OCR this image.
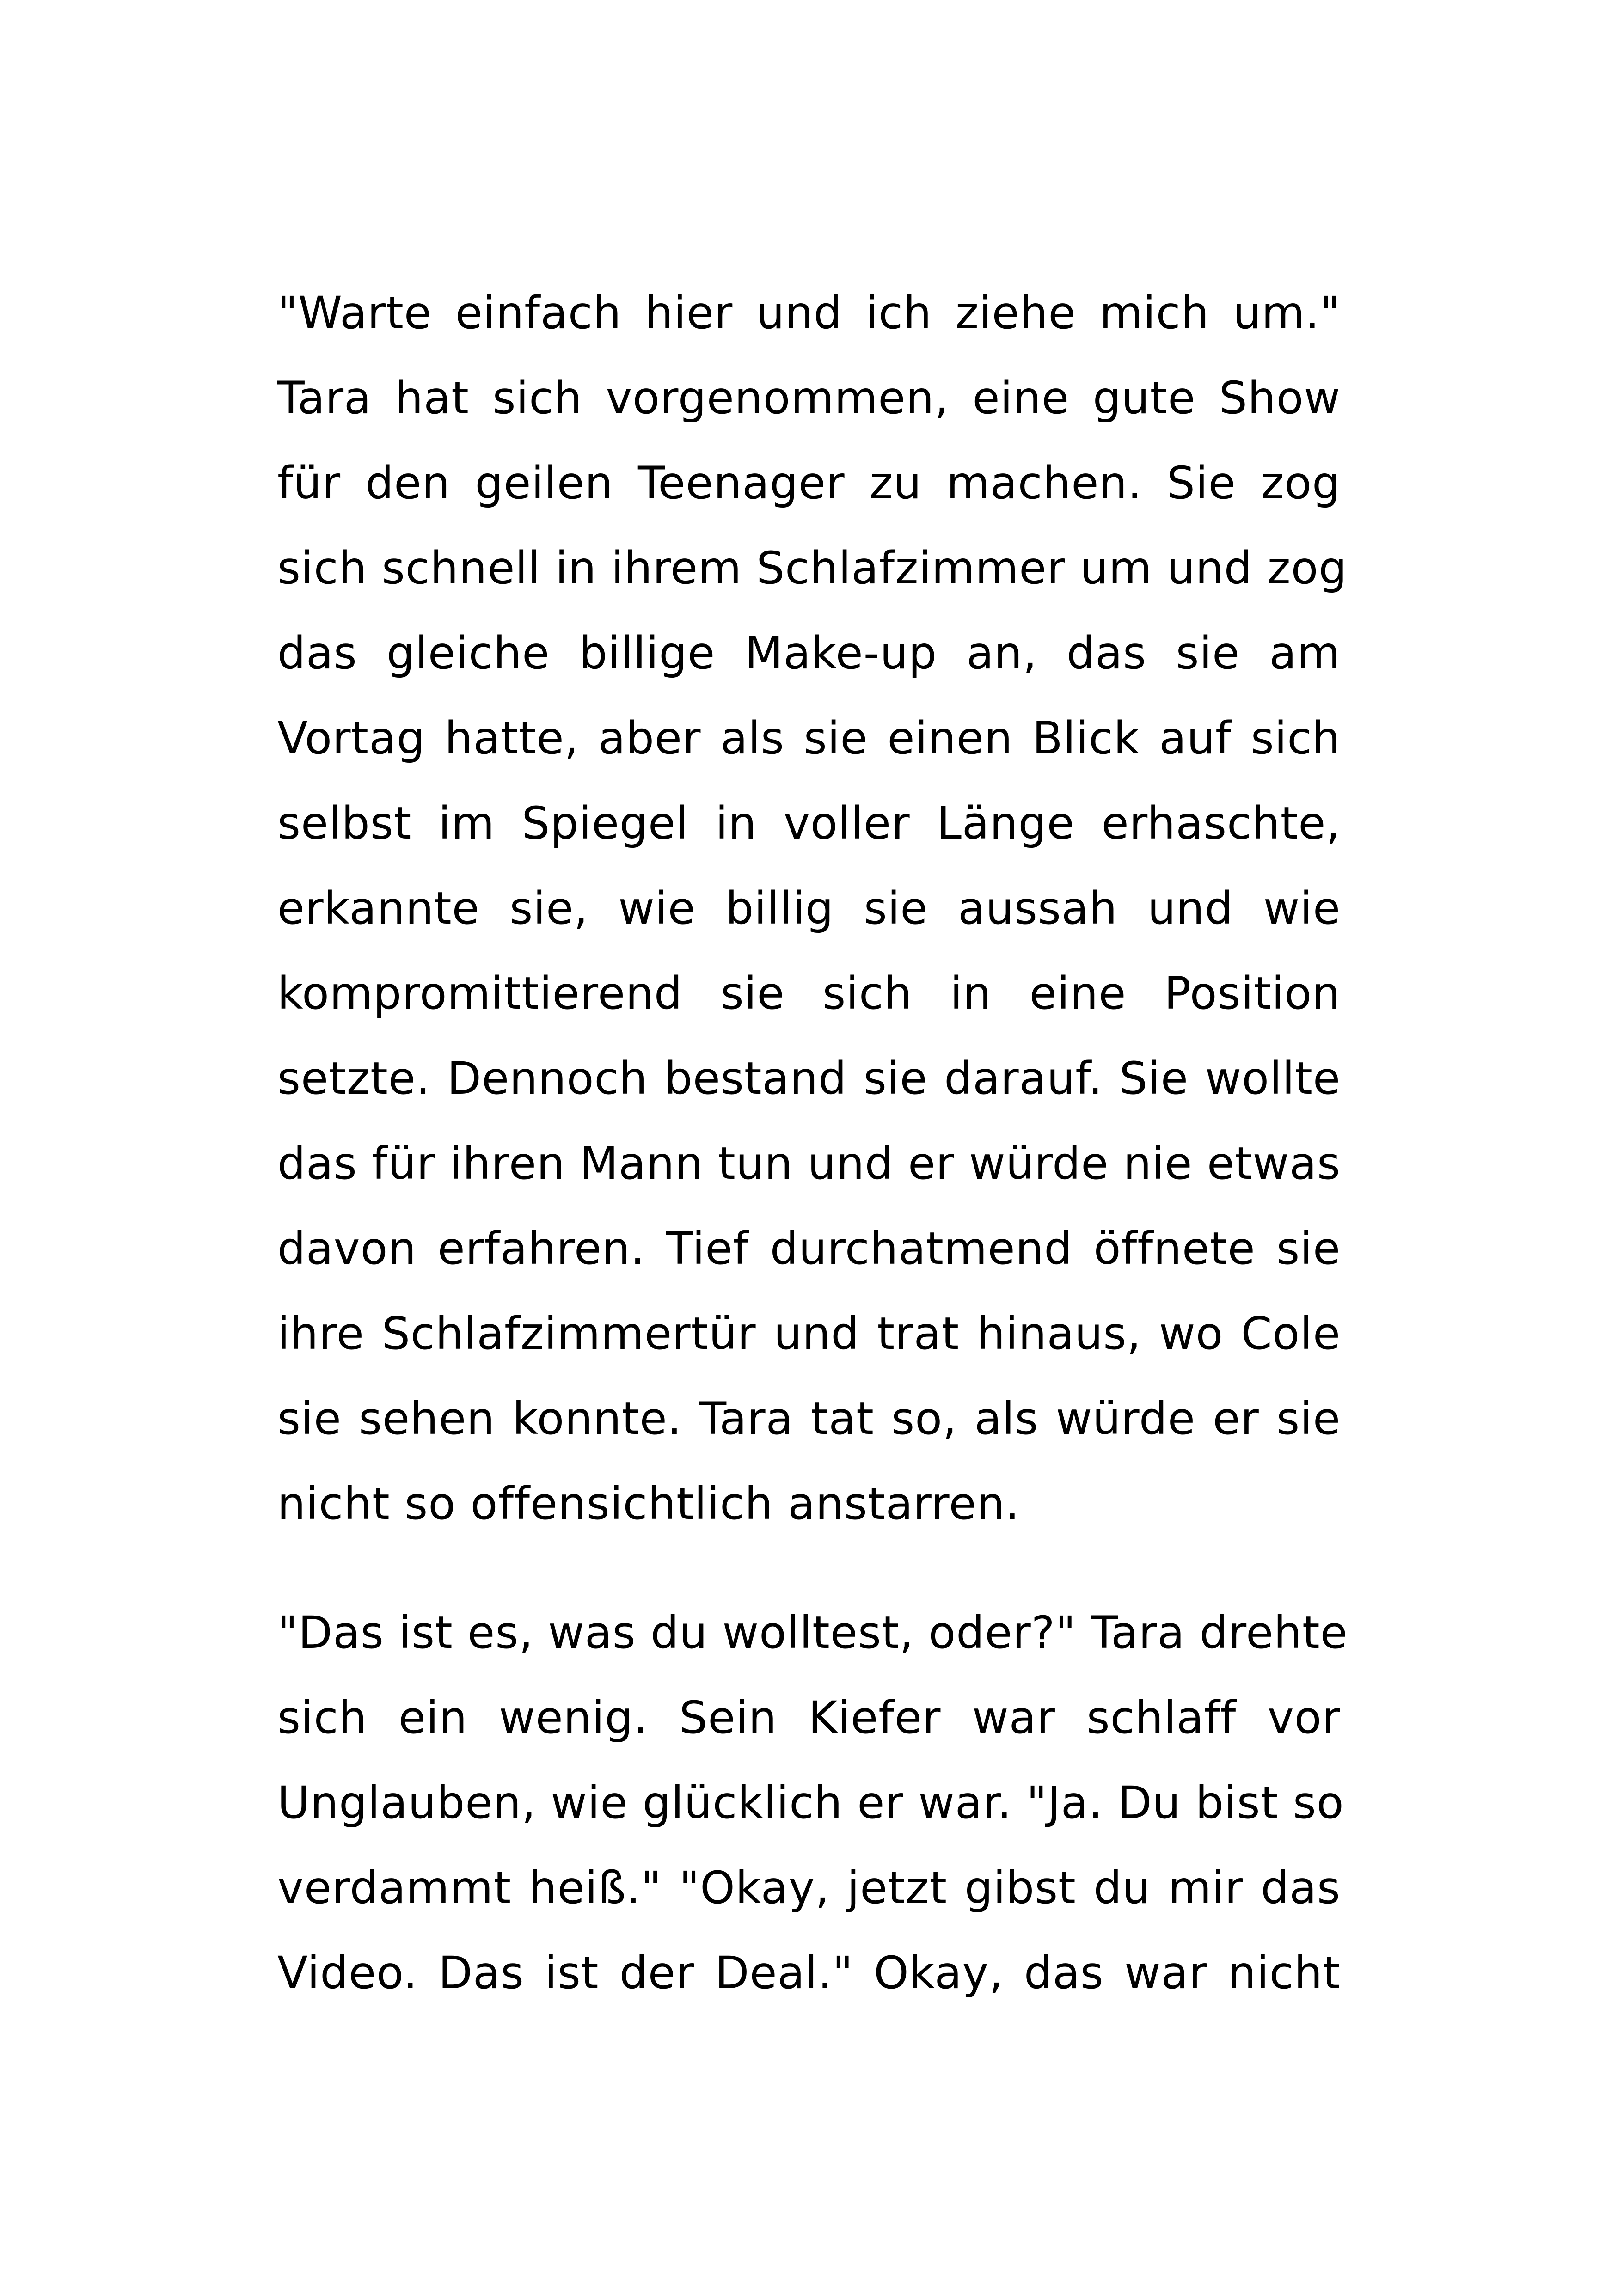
"Warte einfach hier und ich ziehe mich um."
Tara hat sich vorgenommen, eine gute Show
für den geilen Teenager zu machen. Sie zog
sich schnell in ihrem Schlafzimmer um und zog
das gleiche billige Make-up an, das sie am
Vortag hatte, aber als sie einen Blick auf sich
selbst im Spiegel in voller Länge erhaschte,
erkannte sie, wie billig sie aussah und wie
kompromittierend sie sich in eine Position
setzte. Dennoch bestand sie darauf. Sie wollte
das für ihren Mann tun und er würde nie etwas
davon erfahren. Tief durchatmend öffnete sie
ihre Schlafzimmertür und trat hinaus, wo Cole
sie sehen konnte. Tara tat so, als würde er sie
nicht so offensichtlich anstarren.
"Das ist es, was du wolltest, oder?" Tara drehte
sich ein wenig. Sein Kiefer war schlaff vor
Unglauben, wie glücklich er war. "Ja. Du bist so
verdammt heiß." "Okay, jetzt gibst du mir das
Video. Das ist der Deal." Okay, das war nicht
